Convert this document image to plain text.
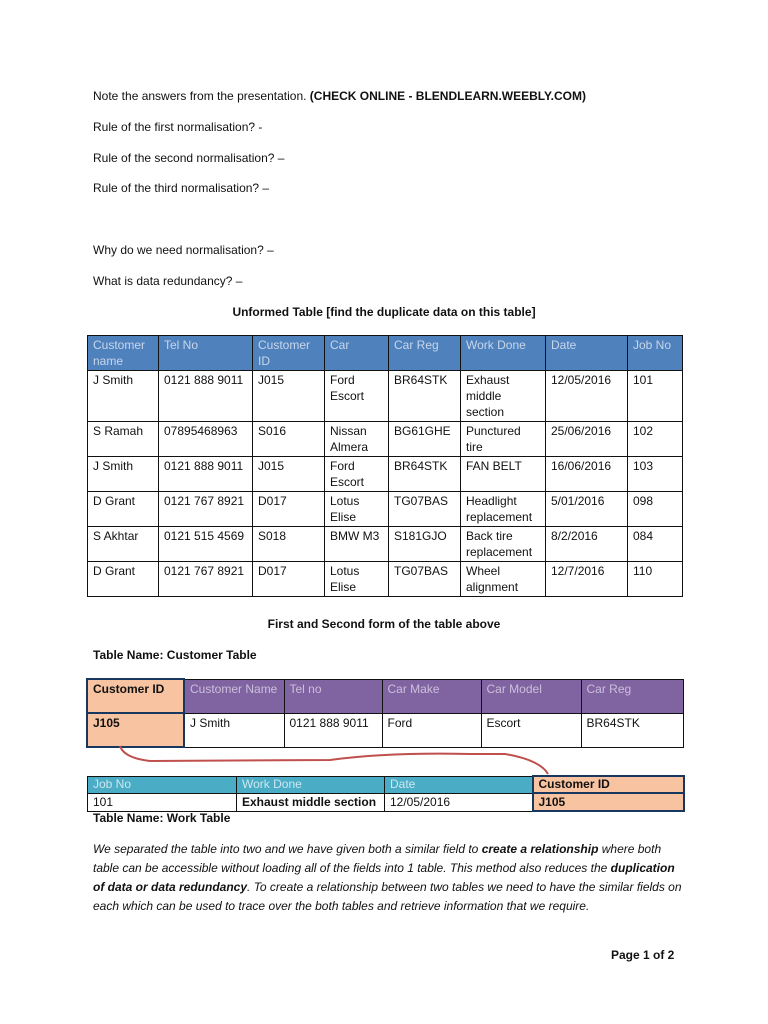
Note the answers from the presentation. (CHECK ONLINE - BLENDLEARN.WEEBLY.COM)
Rule of the first normalisation? -
Rule of the second normalisation? –
Rule of the third normalisation? –
Why do we need normalisation? –
What is data redundancy? –
Unformed Table [find the duplicate data on this table]
Customer name	Tel No	Customer ID	Car	Car Reg	Work Done	Date	Job No
J Smith	0121 888 9011	J015	Ford Escort	BR64STK	Exhaust middle section	12/05/2016	101
S Ramah	07895468963	S016	Nissan Almera	BG61GHE	Punctured tire	25/06/2016	102
J Smith	0121 888 9011	J015	Ford Escort	BR64STK	FAN BELT	16/06/2016	103
D Grant	0121 767 8921	D017	Lotus Elise	TG07BAS	Headlight replacement	5/01/2016	098
S Akhtar	0121 515 4569	S018	BMW M3	S181GJO	Back tire replacement	8/2/2016	084
D Grant	0121 767 8921	D017	Lotus Elise	TG07BAS	Wheel alignment	12/7/2016	110
First and Second form of the table above
Table Name: Customer Table
Customer ID	Customer Name	Tel no	Car Make	Car Model	Car Reg
J105	J Smith	0121 888 9011	Ford	Escort	BR64STK
Job No	Work Done	Date	Customer ID
101	Exhaust middle section	12/05/2016	J105
Table Name: Work Table
We separated the table into two and we have given both a similar field to create a relationship where both table can be accessible without loading all of the fields into 1 table. This method also reduces the duplication of data or data redundancy. To create a relationship between two tables we need to have the similar fields on each which can be used to trace over the both tables and retrieve information that we require.
Page 1 of 2
